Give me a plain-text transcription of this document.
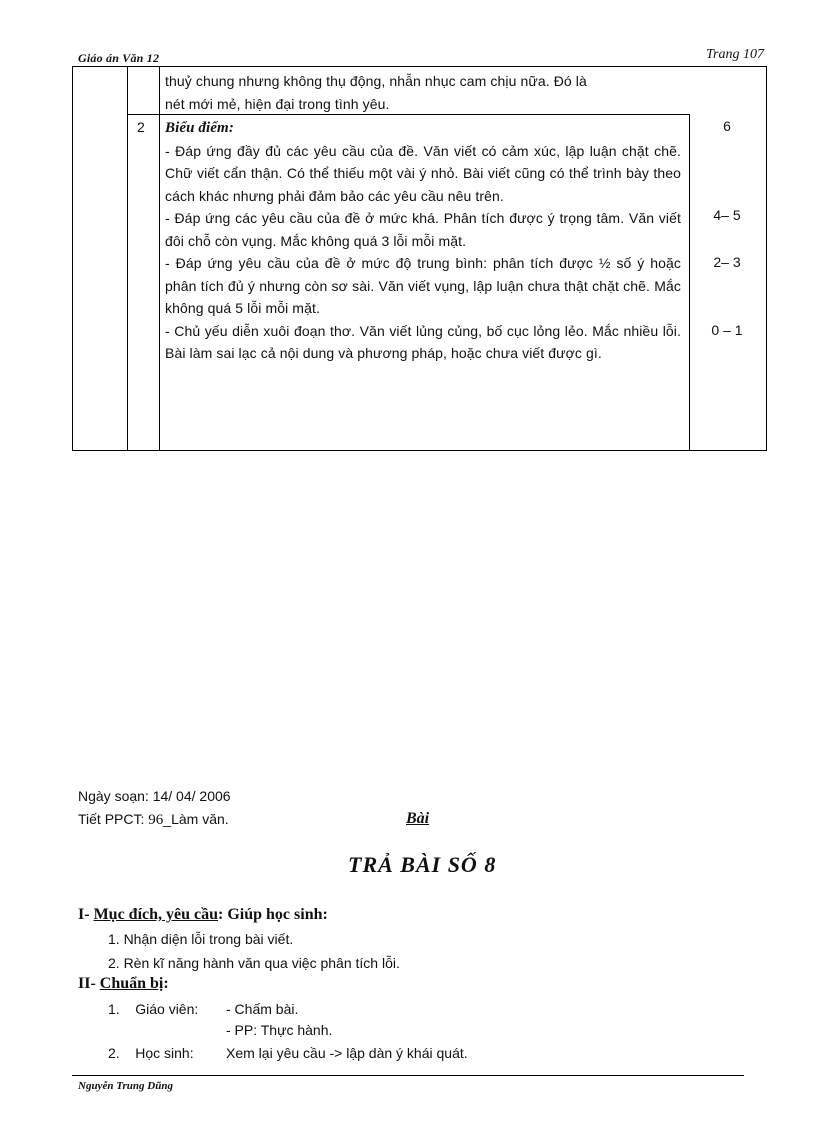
Giáo án Văn 12	Trang 107

thuỷ chung nhưng không thụ động, nhẫn nhục cam chịu nữa. Đó là

nét mới mẻ, hiện đại trong tình yêu.

2 Biểu điểm:

- Đáp ứng đầy đủ các yêu cầu của đề. Văn viết có cảm xúc, lập luận chặt chẽ. Chữ viết cẩn thận. Có thể thiếu một vài ý nhỏ. Bài viết cũng có thể trình bày theo cách khác nhưng phải đảm bảo các yêu cầu nêu trên.

- Đáp ứng các yêu cầu của đề ở mức khá. Phân tích được ý trọng tâm. Văn viết đôi chỗ còn vụng. Mắc không quá 3 lỗi mỗi mặt.

- Đáp ứng yêu cầu của đề ở mức độ trung bình: phân tích được ½ số ý hoặc phân tích đủ ý nhưng còn sơ sài. Văn viết vụng, lập luận chưa thật chặt chẽ. Mắc không quá 5 lỗi mỗi mặt.

- Chủ yếu diễn xuôi đoạn thơ. Văn viết lủng củng, bố cục lỏng lẻo. Mắc nhiều lỗi. Bài làm sai lạc cả nội dung và phương pháp, hoặc chưa viết được gì.

6
4– 5
2– 3
0 – 1
Ngày soạn: 14/ 04/ 2006
Tiết PPCT: 96_Làm văn.	Bài
TRẢ BÀI SỐ 8
I- Mục đích, yêu cầu: Giúp học sinh:
1. Nhận diện lỗi trong bài viết.
2. Rèn kĩ năng hành văn qua việc phân tích lỗi.
II- Chuẩn bị:
1.    Giáo viên: - Chấm bài.
- PP: Thực hành.
2.    Học sinh: Xem lại yêu cầu -> lập dàn ý khái quát.
Nguyễn Trung Dũng
